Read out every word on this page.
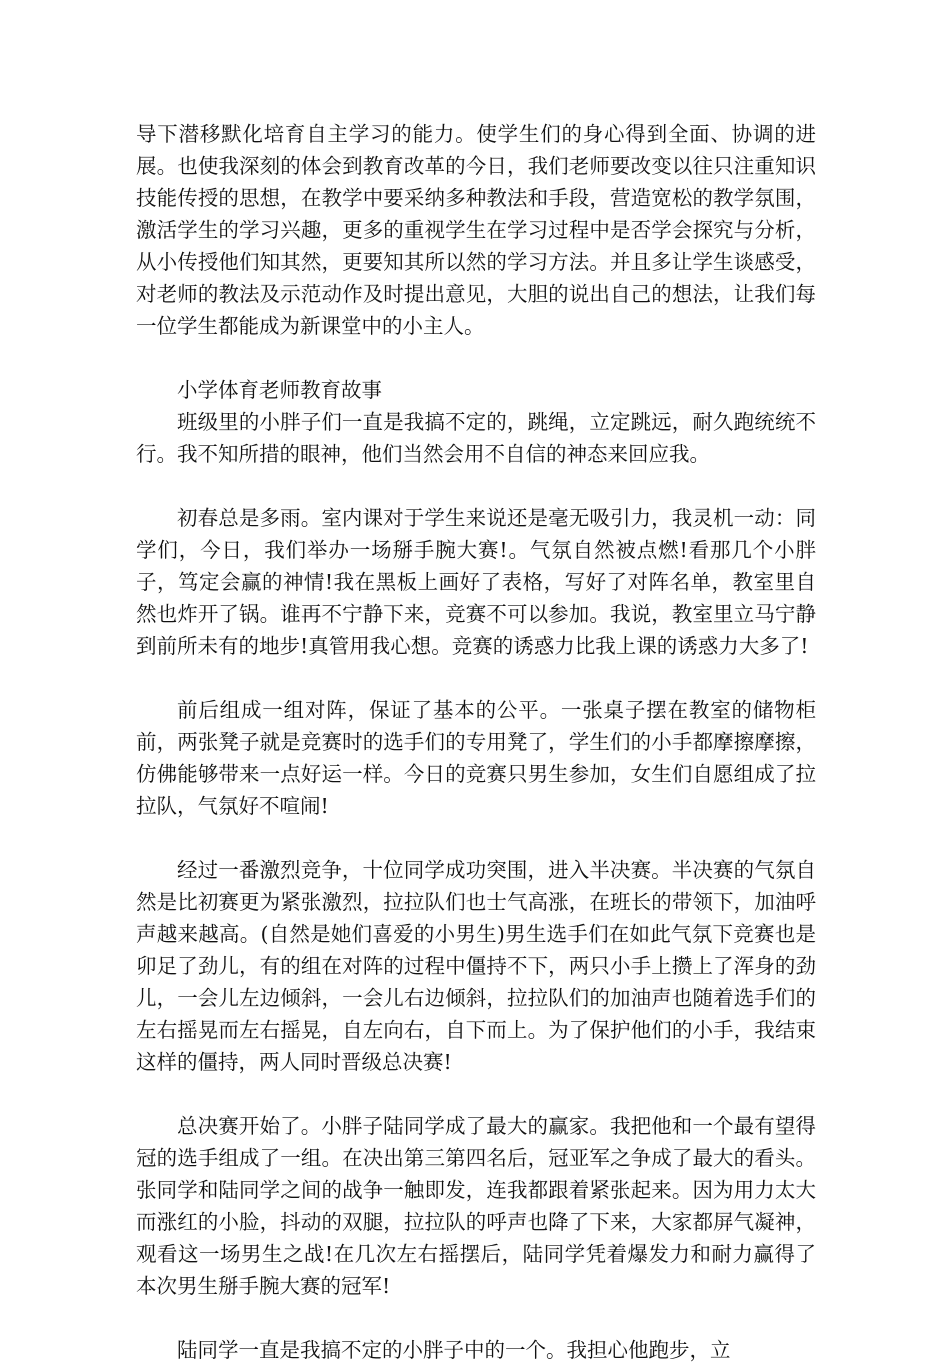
导下潜移默化培育自主学习的能力。使学生们的身心得到全面、协调的进展。也使我深刻的体会到教育改革的今日，我们老师要改变以往只注重知识技能传授的思想，在教学中要采纳多种教法和手段，营造宽松的教学氛围，激活学生的学习兴趣，更多的重视学生在学习过程中是否学会探究与分析，从小传授他们知其然，更要知其所以然的学习方法。并且多让学生谈感受，对老师的教法及示范动作及时提出意见，大胆的说出自己的想法，让我们每一位学生都能成为新课堂中的小主人。

小学体育老师教育故事

班级里的小胖子们一直是我搞不定的，跳绳，立定跳远，耐久跑统统不行。我不知所措的眼神，他们当然会用不自信的神态来回应我。

初春总是多雨。室内课对于学生来说还是毫无吸引力，我灵机一动：同学们，今日，我们举办一场掰手腕大赛!。气氛自然被点燃!看那几个小胖子，笃定会赢的神情!我在黑板上画好了表格，写好了对阵名单，教室里自然也炸开了锅。谁再不宁静下来，竞赛不可以参加。我说，教室里立马宁静到前所未有的地步!真管用我心想。竞赛的诱惑力比我上课的诱惑力大多了!

前后组成一组对阵，保证了基本的公平。一张桌子摆在教室的储物柜前，两张凳子就是竞赛时的选手们的专用凳了，学生们的小手都摩擦摩擦，仿佛能够带来一点好运一样。今日的竞赛只男生参加，女生们自愿组成了拉拉队，气氛好不喧闹!

经过一番激烈竞争，十位同学成功突围，进入半决赛。半决赛的气氛自然是比初赛更为紧张激烈，拉拉队们也士气高涨，在班长的带领下，加油呼声越来越高。(自然是她们喜爱的小男生)男生选手们在如此气氛下竞赛也是卯足了劲儿，有的组在对阵的过程中僵持不下，两只小手上攒上了浑身的劲儿，一会儿左边倾斜，一会儿右边倾斜，拉拉队们的加油声也随着选手们的左右摇晃而左右摇晃，自左向右，自下而上。为了保护他们的小手，我结束这样的僵持，两人同时晋级总决赛!

总决赛开始了。小胖子陆同学成了最大的赢家。我把他和一个最有望得冠的选手组成了一组。在决出第三第四名后，冠亚军之争成了最大的看头。张同学和陆同学之间的战争一触即发，连我都跟着紧张起来。因为用力太大而涨红的小脸，抖动的双腿，拉拉队的呼声也降了下来，大家都屏气凝神，观看这一场男生之战!在几次左右摇摆后，陆同学凭着爆发力和耐力赢得了本次男生掰手腕大赛的冠军!

陆同学一直是我搞不定的小胖子中的一个。我担心他跑步，立
